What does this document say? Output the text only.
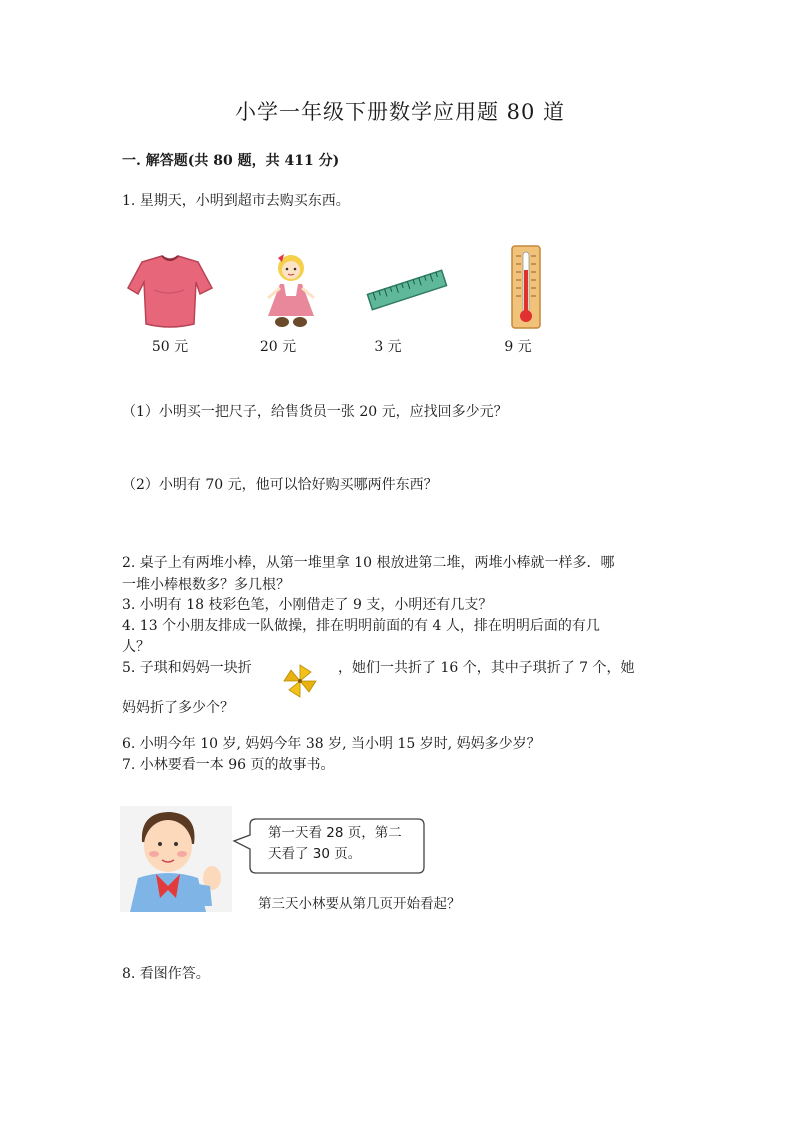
小学一年级下册数学应用题 80 道
一. 解答题(共 80 题，共 411 分)
1. 星期天，小明到超市去购买东西。
50 元	20 元	3 元	9 元
（1）小明买一把尺子，给售货员一张 20 元，应找回多少元？
（2）小明有 70 元，他可以恰好购买哪两件东西？
2. 桌子上有两堆小棒，从第一堆里拿 10 根放进第二堆，两堆小棒就一样多．哪
一堆小棒根数多？多几根？
3. 小明有 18 枝彩色笔，小刚借走了 9 支，小明还有几支？
4. 13 个小朋友排成一队做操，排在明明前面的有 4 人，排在明明后面的有几
人？
5. 子琪和妈妈一块折	，她们一共折了 16 个，其中子琪折了 7 个，她
妈妈折了多少个？
6. 小明今年 10 岁, 妈妈今年 38 岁, 当小明 15 岁时, 妈妈多少岁？
7. 小林要看一本 96 页的故事书。
第一天看 28 页，第二
天看了 30 页。
第三天小林要从第几页开始看起？
8. 看图作答。
